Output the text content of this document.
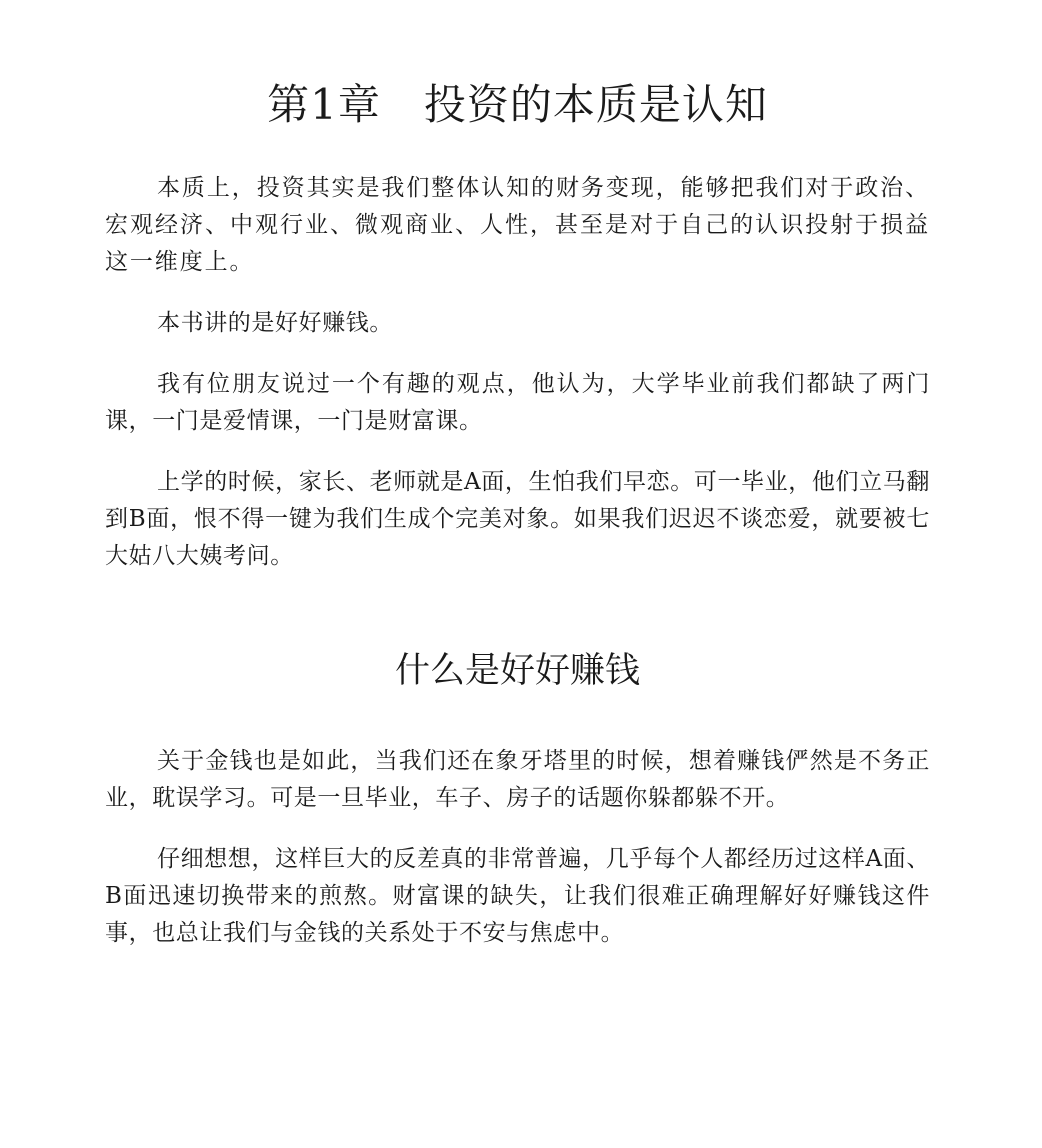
第1章　投资的本质是认知

本质上，投资其实是我们整体认知的财务变现，能够把我们对于政治、宏观经济、中观行业、微观商业、人性，甚至是对于自己的认识投射于损益这一维度上。

本书讲的是好好赚钱。

我有位朋友说过一个有趣的观点，他认为，大学毕业前我们都缺了两门课，一门是爱情课，一门是财富课。

上学的时候，家长、老师就是A面，生怕我们早恋。可一毕业，他们立马翻到B面，恨不得一键为我们生成个完美对象。如果我们迟迟不谈恋爱，就要被七大姑八大姨考问。

什么是好好赚钱

关于金钱也是如此，当我们还在象牙塔里的时候，想着赚钱俨然是不务正业，耽误学习。可是一旦毕业，车子、房子的话题你躲都躲不开。

仔细想想，这样巨大的反差真的非常普遍，几乎每个人都经历过这样A面、B面迅速切换带来的煎熬。财富课的缺失，让我们很难正确理解好好赚钱这件事，也总让我们与金钱的关系处于不安与焦虑中。
